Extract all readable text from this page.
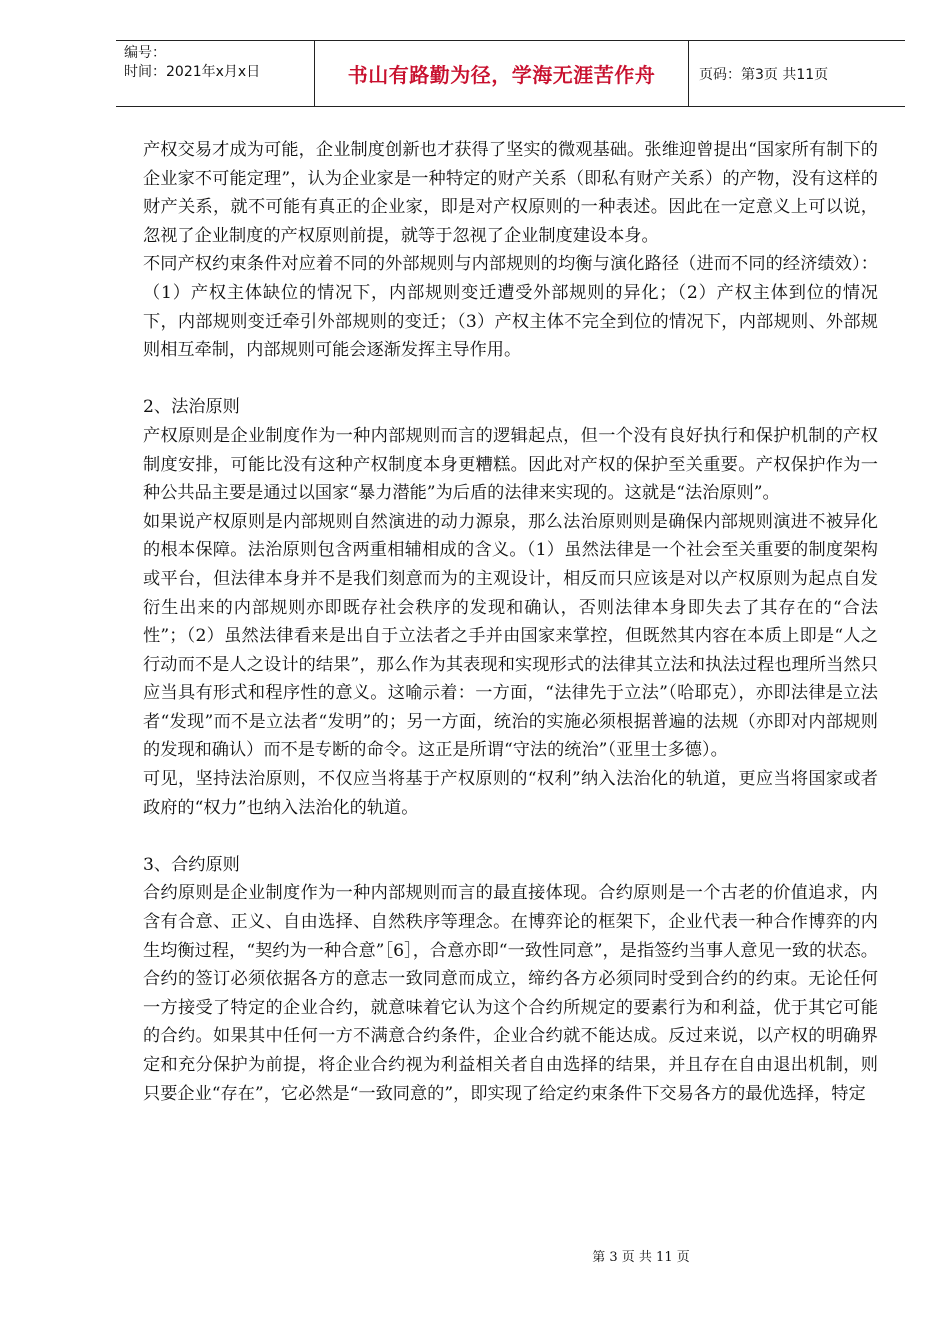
编号：
时间：2021年x月x日	书山有路勤为径，学海无涯苦作舟	页码：第3页 共11页

产权交易才成为可能，企业制度创新也才获得了坚实的微观基础。张维迎曾提出“国家所有制下的企业家不可能定理”，认为企业家是一种特定的财产关系（即私有财产关系）的产物，没有这样的财产关系，就不可能有真正的企业家，即是对产权原则的一种表述。因此在一定意义上可以说，忽视了企业制度的产权原则前提，就等于忽视了企业制度建设本身。

不同产权约束条件对应着不同的外部规则与内部规则的均衡与演化路径（进而不同的经济绩效）：（1）产权主体缺位的情况下，内部规则变迁遭受外部规则的异化；（2）产权主体到位的情况下，内部规则变迁牵引外部规则的变迁；（3）产权主体不完全到位的情况下，内部规则、外部规则相互牵制，内部规则可能会逐渐发挥主导作用。

2、法治原则

产权原则是企业制度作为一种内部规则而言的逻辑起点，但一个没有良好执行和保护机制的产权制度安排，可能比没有这种产权制度本身更糟糕。因此对产权的保护至关重要。产权保护作为一种公共品主要是通过以国家“暴力潜能”为后盾的法律来实现的。这就是“法治原则”。

如果说产权原则是内部规则自然演进的动力源泉，那么法治原则则是确保内部规则演进不被异化的根本保障。法治原则包含两重相辅相成的含义。（1）虽然法律是一个社会至关重要的制度架构或平台，但法律本身并不是我们刻意而为的主观设计，相反而只应该是对以产权原则为起点自发衍生出来的内部规则亦即既存社会秩序的发现和确认，否则法律本身即失去了其存在的“合法性”；（2）虽然法律看来是出自于立法者之手并由国家来掌控，但既然其内容在本质上即是“人之行动而不是人之设计的结果”，那么作为其表现和实现形式的法律其立法和执法过程也理所当然只应当具有形式和程序性的意义。这喻示着：一方面，“法律先于立法”（哈耶克），亦即法律是立法者“发现”而不是立法者“发明”的；另一方面，统治的实施必须根据普遍的法规（亦即对内部规则的发现和确认）而不是专断的命令。这正是所谓“守法的统治”（亚里士多德）。

可见，坚持法治原则，不仅应当将基于产权原则的“权利”纳入法治化的轨道，更应当将国家或者政府的“权力”也纳入法治化的轨道。

3、合约原则

合约原则是企业制度作为一种内部规则而言的最直接体现。合约原则是一个古老的价值追求，内含有合意、正义、自由选择、自然秩序等理念。在博弈论的框架下，企业代表一种合作博弈的内生均衡过程，“契约为一种合意”［6］，合意亦即“一致性同意”，是指签约当事人意见一致的状态。合约的签订必须依据各方的意志一致同意而成立，缔约各方必须同时受到合约的约束。无论任何一方接受了特定的企业合约，就意味着它认为这个合约所规定的要素行为和利益，优于其它可能的合约。如果其中任何一方不满意合约条件，企业合约就不能达成。反过来说，以产权的明确界定和充分保护为前提，将企业合约视为利益相关者自由选择的结果，并且存在自由退出机制，则只要企业“存在”，它必然是“一致同意的”，即实现了给定约束条件下交易各方的最优选择，特定

第 3 页 共 11 页
